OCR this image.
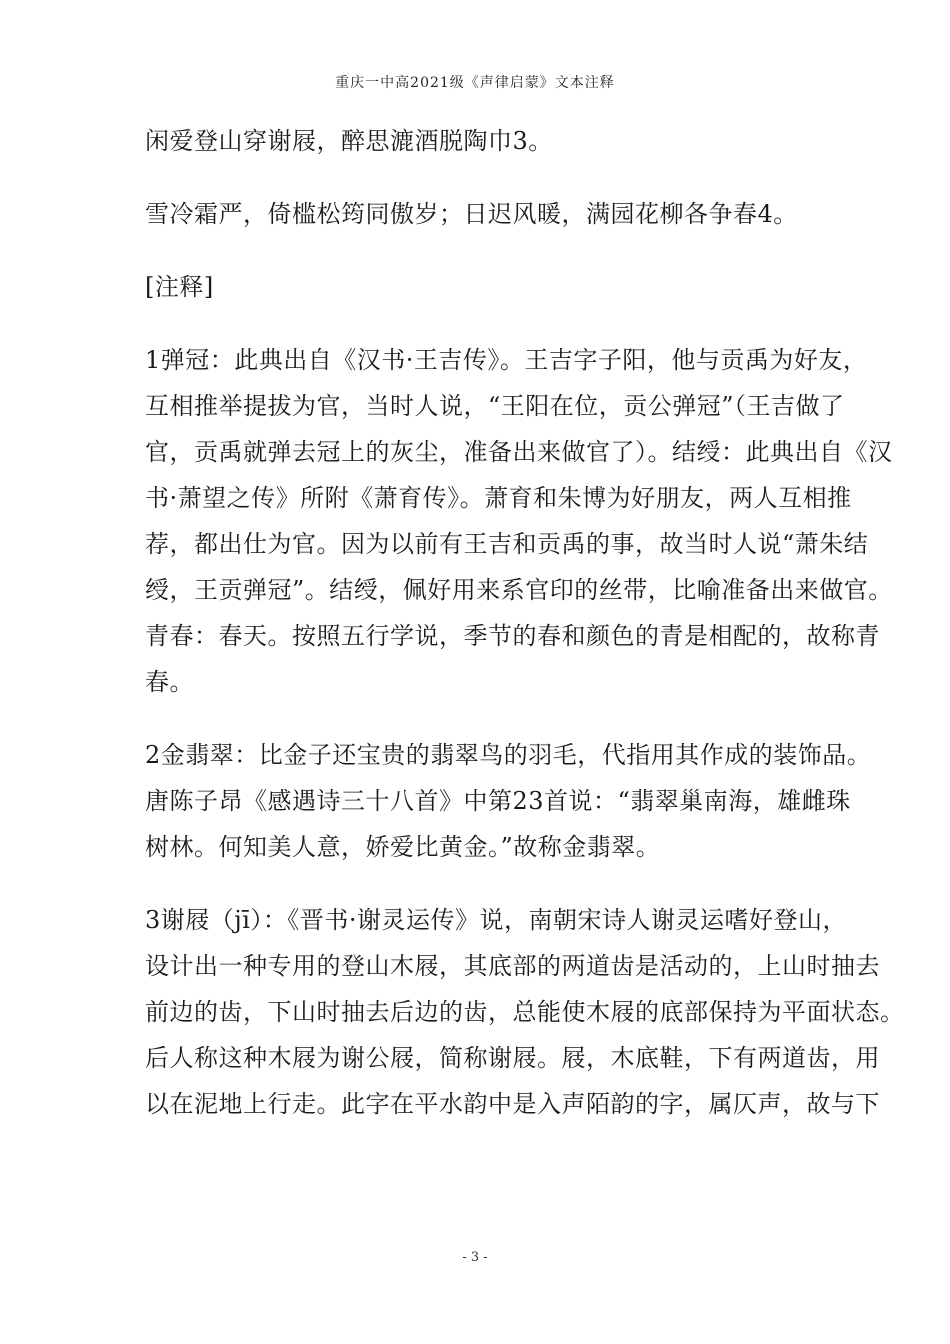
重庆一中高2021级《声律启蒙》文本注释
闲爱登山穿谢屐，醉思漉酒脱陶巾3。
雪冷霜严，倚槛松筠同傲岁；日迟风暖，满园花柳各争春4。
[注释]
1弹冠：此典出自《汉书·王吉传》。王吉字子阳，他与贡禹为好友，
互相推举提拔为官，当时人说，“王阳在位，贡公弹冠”（王吉做了
官，贡禹就弹去冠上的灰尘，准备出来做官了）。结绶：此典出自《汉
书·萧望之传》所附《萧育传》。萧育和朱博为好朋友，两人互相推
荐，都出仕为官。因为以前有王吉和贡禹的事，故当时人说“萧朱结
绶，王贡弹冠”。结绶，佩好用来系官印的丝带，比喻准备出来做官。
青春：春天。按照五行学说，季节的春和颜色的青是相配的，故称青
春。
2金翡翠：比金子还宝贵的翡翠鸟的羽毛，代指用其作成的装饰品。
唐陈子昂《感遇诗三十八首》中第23首说：“翡翠巢南海，雄雌珠
树林。何知美人意，娇爱比黄金。”故称金翡翠。
3谢屐（jī）：《晋书·谢灵运传》说，南朝宋诗人谢灵运嗜好登山，
设计出一种专用的登山木屐，其底部的两道齿是活动的，上山时抽去
前边的齿，下山时抽去后边的齿，总能使木屐的底部保持为平面状态。
后人称这种木屐为谢公屐，简称谢屐。屐，木底鞋，下有两道齿，用
以在泥地上行走。此字在平水韵中是入声陌韵的字，属仄声，故与下
- 3 -
